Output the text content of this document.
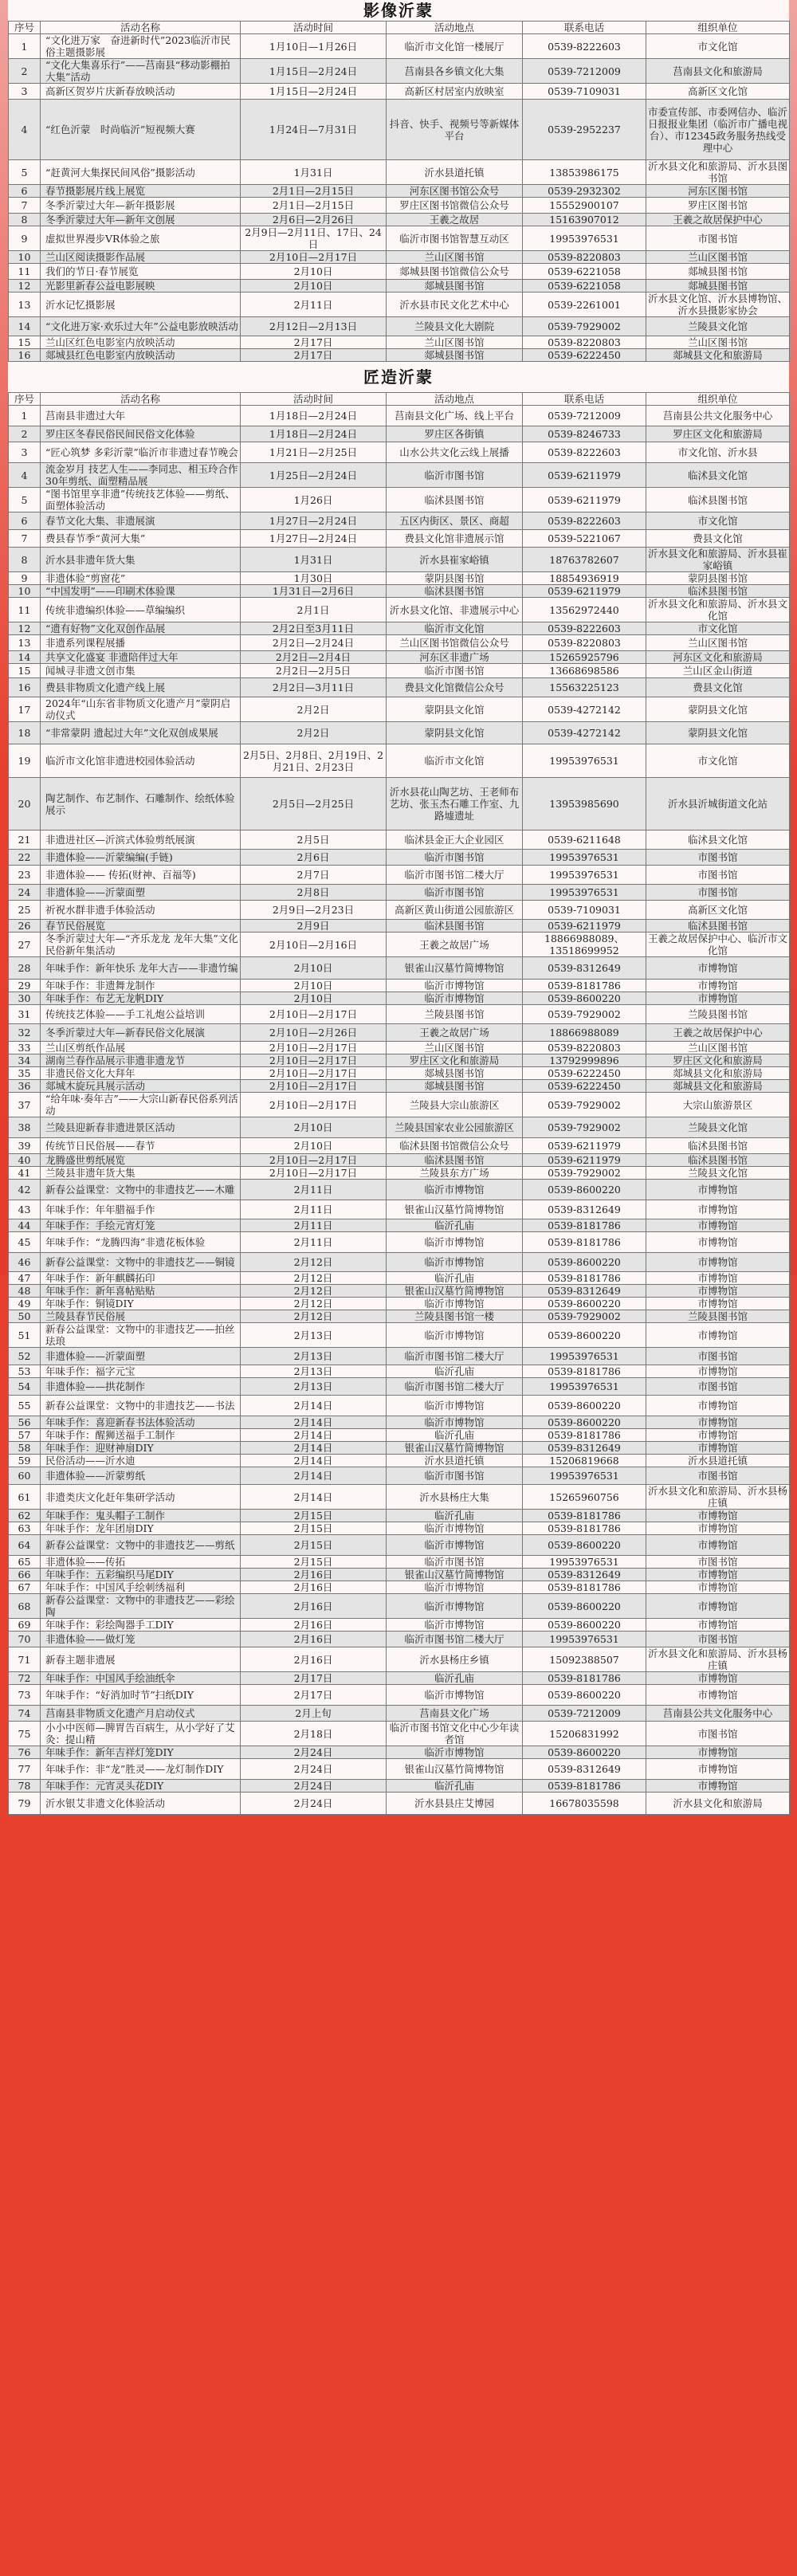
影像沂蒙
序号	活动名称	活动时间	活动地点	联系电话	组织单位
1	“文化进万家　奋进新时代”2023临沂市民俗主题摄影展	1月10日—1月26日	临沂市文化馆一楼展厅	0539-8222603	市文化馆
2	“文化大集喜乐行”——莒南县“移动影棚拍大集”活动	1月15日—2月24日	莒南县各乡镇文化大集	0539-7212009	莒南县文化和旅游局
3	高新区贺岁片庆新春放映活动	1月15日—2月24日	高新区村居室内放映室	0539-7109031	高新区文化馆
4	“红色沂蒙　时尚临沂”短视频大赛	1月24日—7月31日	抖音、快手、视频号等新媒体平台	0539-2952237	市委宣传部、市委网信办、临沂日报报业集团（临沂市广播电视台）、市12345政务服务热线受理中心
5	“赶黄河大集探民间风俗”摄影活动	1月31日	沂水县道托镇	13853986175	沂水县文化和旅游局、沂水县图书馆
6	春节摄影展片线上展览	2月1日—2月15日	河东区图书馆公众号	0539-2932302	河东区图书馆
7	冬季沂蒙过大年—新年摄影展	2月1日—2月15日	罗庄区图书馆微信公众号	15552900107	罗庄区图书馆
8	冬季沂蒙过大年—新年文创展	2月6日—2月26日	王羲之故居	15163907012	王羲之故居保护中心
9	虚拟世界漫步VR体验之旅	2月9日—2月11日、17日、24日	临沂市图书馆智慧互动区	19953976531	市图书馆
10	兰山区阅读摄影作品展	2月10日—2月17日	兰山区图书馆	0539-8220803	兰山区图书馆
11	我们的节日·春节展览	2月10日	郯城县图书馆微信公众号	0539-6221058	郯城县图书馆
12	光影里新春公益电影展映	2月10日	郯城县图书馆	0539-6221058	郯城县图书馆
13	沂水记忆摄影展	2月11日	沂水县市民文化艺术中心	0539-2261001	沂水县文化馆、沂水县博物馆、沂水县摄影家协会
14	“文化进万家·欢乐过大年”公益电影放映活动	2月12日—2月13日	兰陵县文化大剧院	0539-7929002	兰陵县文化馆
15	兰山区红色电影室内放映活动	2月17日	兰山区图书馆	0539-8220803	兰山区图书馆
16	郯城县红色电影室内放映活动	2月17日	郯城县图书馆	0539-6222450	郯城县文化和旅游局
匠造沂蒙
序号	活动名称	活动时间	活动地点	联系电话	组织单位
1	莒南县非遗过大年	1月18日—2月24日	莒南县文化广场、线上平台	0539-7212009	莒南县公共文化服务中心
2	罗庄区冬春民俗民间民俗文化体验	1月18日—2月24日	罗庄区各街镇	0539-8246733	罗庄区文化和旅游局
3	“匠心筑梦 多彩沂蒙”临沂市非遗过春节晚会	1月21日—2月25日	山水公共文化云线上展播	0539-8222603	市文化馆、沂水县
4	流金岁月 技艺人生——李同忠、相玉玲合作30年剪纸、面塑精品展	1月25日—2月24日	临沂市图书馆	0539-6211979	临沭县文化馆
5	“图书馆里享非遗”传统技艺体验——剪纸、面塑体验活动	1月26日	临沭县图书馆	0539-6211979	临沭县图书馆
6	春节文化大集、非遗展演	1月27日—2月24日	五区内街区、景区、商超	0539-8222603	市文化馆
7	费县春节季“黄河大集”	1月27日—2月24日	费县文化馆非遗展示馆	0539-5221067	费县文化馆
8	沂水县非遗年货大集	1月31日	沂水县崔家峪镇	18763782607	沂水县文化和旅游局、沂水县崔家峪镇
9	非遗体验“剪窗花”	1月30日	蒙阴县图书馆	18854936919	蒙阴县图书馆
10	“中国发明”——印刷术体验课	1月31日—2月6日	临沭县图书馆	0539-6211979	临沭县图书馆
11	传统非遗编织体验——草编编织	2月1日	沂水县文化馆、非遗展示中心	13562972440	沂水县文化和旅游局、沂水县文化馆
12	“遗有好物”文化双创作品展	2月2日至3月11日	临沂市文化馆	0539-8222603	市文化馆
13	非遗系列课程展播	2月2日—2月24日	兰山区图书馆微信公众号	0539-8220803	兰山区图书馆
14	共享文化盛宴 非遗陪伴过大年	2月2日—2月4日	河东区非遗广场	15265925796	河东区文化和旅游局
15	闻城寻非遗文创市集	2月2日—2月5日	临沂市图书馆	13668698586	兰山区金山街道
16	费县非物质文化遗产线上展	2月2日—3月11日	费县文化馆微信公众号	15563225123	费县文化馆
17	2024年“山东省非物质文化遗产月”蒙阴启动仪式	2月2日	蒙阴县文化馆	0539-4272142	蒙阴县文化馆
18	“非常蒙阴 遗起过大年”文化双创成果展	2月2日	蒙阴县文化馆	0539-4272142	蒙阴县文化馆
19	临沂市文化馆非遗进校园体验活动	2月5日、2月8日、2月19日、2月21日、2月23日	临沂市文化馆	19953976531	市文化馆
20	陶艺制作、布艺制作、石雕制作、绘纸体验展示	2月5日—2月25日	沂水县花山陶艺坊、王老师布艺坊、张玉杰石雕工作室、九路墟遗址	13953985690	沂水县沂城街道文化站
21	非遗进社区—沂滨式体验剪纸展演	2月5日	临沭县金正大企业园区	0539-6211648	临沭县文化馆
22	非遗体验——沂蒙编编(手链)	2月6日	临沂市图书馆	19953976531	市图书馆
23	非遗体验—— 传拓(财神、百福等)	2月7日	临沂市图书馆二楼大厅	19953976531	市图书馆
24	非遗体验——沂蒙面塑	2月8日	临沂市图书馆	19953976531	市图书馆
25	祈祝水群非遗手体验活动	2月9日—2月23日	高新区黄山街道公园旅游区	0539-7109031	高新区文化馆
26	春节民俗展览	2月9日	临沭县图书馆	0539-6211979	临沭县图书馆
27	冬季沂蒙过大年—“齐乐龙龙 龙年大集”文化民俗新年集活动	2月10日—2月16日	王羲之故居广场	18866988089、13518699952	王羲之故居保护中心、临沂市文化馆
28	年味手作：新年快乐 龙年大吉——非遗竹编	2月10日	银雀山汉墓竹简博物馆	0539-8312649	市博物馆
29	年味手作：非遗舞龙制作	2月10日	临沂市博物馆	0539-8181786	市博物馆
30	年味手作：布艺无龙帆DIY	2月10日	临沂市博物馆	0539-8600220	市博物馆
31	传统技艺体验——手工礼炮公益培训	2月10日—2月17日	兰陵县图书馆	0539-7929002	兰陵县图书馆
32	冬季沂蒙过大年—新春民俗文化展演	2月10日—2月26日	王羲之故居广场	18866988089	王羲之故居保护中心
33	兰山区剪纸作品展	2月10日—2月17日	兰山区图书馆	0539-8220803	兰山区图书馆
34	湖南兰春作品展示非遗非遗龙节	2月10日—2月17日	罗庄区文化和旅游局	13792999896	罗庄区文化和旅游局
35	非遗民俗文化大拜年	2月10日—2月17日	郯城县图书馆	0539-6222450	郯城县文化和旅游局
36	郯城木旋玩具展示活动	2月10日—2月17日	郯城县图书馆	0539-6222450	郯城县文化和旅游局
37	“给年味·奏年吉”——大宗山新春民俗系列活动	2月10日—2月17日	兰陵县大宗山旅游区	0539-7929002	大宗山旅游景区
38	兰陵县迎新春非遗进景区活动	2月10日	兰陵县国家农业公园旅游区	0539-7929002	兰陵县文化馆
39	传统节日民俗展——春节	2月10日	临沭县图书馆微信公众号	0539-6211979	临沭县图书馆
40	龙腾盛世剪纸展览	2月10日—2月17日	临沭县图书馆	0539-6211979	临沭县图书馆
41	兰陵县非遗年货大集	2月10日—2月17日	兰陵县东方广场	0539-7929002	兰陵县文化馆
42	新春公益课堂：文物中的非遗技艺——木雕	2月11日	临沂市博物馆	0539-8600220	市博物馆
43	年味手作：年年腊福手作	2月11日	银雀山汉墓竹简博物馆	0539-8312649	市博物馆
44	年味手作：手绘元宵灯笼	2月11日	临沂孔庙	0539-8181786	市博物馆
45	年味手作：“龙腾四海”非遗花板体验	2月11日	临沂市博物馆	0539-8181786	市博物馆
46	新春公益课堂：文物中的非遗技艺——铜镜	2月12日	临沂市博物馆	0539-8600220	市博物馆
47	年味手作：新年麒麟拓印	2月12日	临沂孔庙	0539-8181786	市博物馆
48	年味手作：新年喜帖贴贴	2月12日	银雀山汉墓竹简博物馆	0539-8312649	市博物馆
49	年味手作：铜镜DIY	2月12日	临沂市博物馆	0539-8600220	市博物馆
50	兰陵县春节民俗展	2月12日	兰陵县图书馆一楼	0539-7929002	兰陵县图书馆
51	新春公益课堂：文物中的非遗技艺——拍丝珐琅	2月13日	临沂市博物馆	0539-8600220	市博物馆
52	非遗体验——沂蒙面塑	2月13日	临沂市图书馆二楼大厅	19953976531	市图书馆
53	年味手作：福字元宝	2月13日	临沂孔庙	0539-8181786	市博物馆
54	非遗体验——拱花制作	2月13日	临沂市图书馆二楼大厅	19953976531	市图书馆
55	新春公益课堂：文物中的非遗技艺——书法	2月14日	临沂市博物馆	0539-8600220	市博物馆
56	年味手作：喜迎新春书法体验活动	2月14日	临沂市博物馆	0539-8600220	市博物馆
57	年味手作：醒狮送福手工制作	2月14日	临沂孔庙	0539-8181786	市博物馆
58	年味手作：迎财神扇DIY	2月14日	银雀山汉墓竹简博物馆	0539-8312649	市博物馆
59	民俗活动——沂水迪	2月14日	沂水县道托镇	15206819668	沂水县道托镇
60	非遗体验——沂蒙剪纸	2月14日	临沂市图书馆	19953976531	市图书馆
61	非遗类庆文化赶年集研学活动	2月14日	沂水县杨庄大集	15265960756	沂水县文化和旅游局、沂水县杨庄镇
62	年味手作：鬼头帽子工制作	2月15日	临沂孔庙	0539-8181786	市博物馆
63	年味手作：龙年团扇DIY	2月15日	临沂市博物馆	0539-8181786	市博物馆
64	新春公益课堂：文物中的非遗技艺——剪纸	2月15日	临沂市博物馆	0539-8600220	市博物馆
65	非遗体验——传拓	2月15日	临沂市图书馆	19953976531	市图书馆
66	年味手作：五彩编织马尾DIY	2月16日	银雀山汉墓竹简博物馆	0539-8312649	市博物馆
67	年味手作：中国风手绘刺绣福利	2月16日	临沂市博物馆	0539-8181786	市博物馆
68	新春公益课堂：文物中的非遗技艺——彩绘陶	2月16日	临沂市博物馆	0539-8600220	市博物馆
69	年味手作：彩绘陶器手工DIY	2月16日	临沂市博物馆	0539-8600220	市博物馆
70	非遗体验——做灯笼	2月16日	临沂市图书馆二楼大厅	19953976531	市图书馆
71	新春主题非遗展	2月16日	沂水县杨庄乡镇	15092388507	沂水县文化和旅游局、沂水县杨庄镇
72	年味手作：中国风手绘油纸伞	2月17日	临沂孔庙	0539-8181786	市博物馆
73	年味手作：“好消加时节”扫纸DIY	2月17日	临沂市博物馆	0539-8600220	市博物馆
74	莒南县非物质文化遗产月启动仪式	2月上旬	莒南县文化广场	0539-7212009	莒南县公共文化服务中心
75	小小中医师—脾胃告百病生，从小学好了艾灸：提山精	2月18日	临沂市图书馆文化中心少年读者馆	15206831992	市图书馆
76	年味手作：新年吉祥灯笼DIY	2月24日	临沂市博物馆	0539-8600220	市博物馆
77	年味手作：非“龙”胜灵——龙灯制作DIY	2月24日	银雀山汉墓竹简博物馆	0539-8312649	市博物馆
78	年味手作：元宵灵头花DIY	2月24日	临沂孔庙	0539-8181786	市博物馆
79	沂水银艾非遗文化体验活动	2月24日	沂水县县庄艾博园	16678035598	沂水县文化和旅游局
